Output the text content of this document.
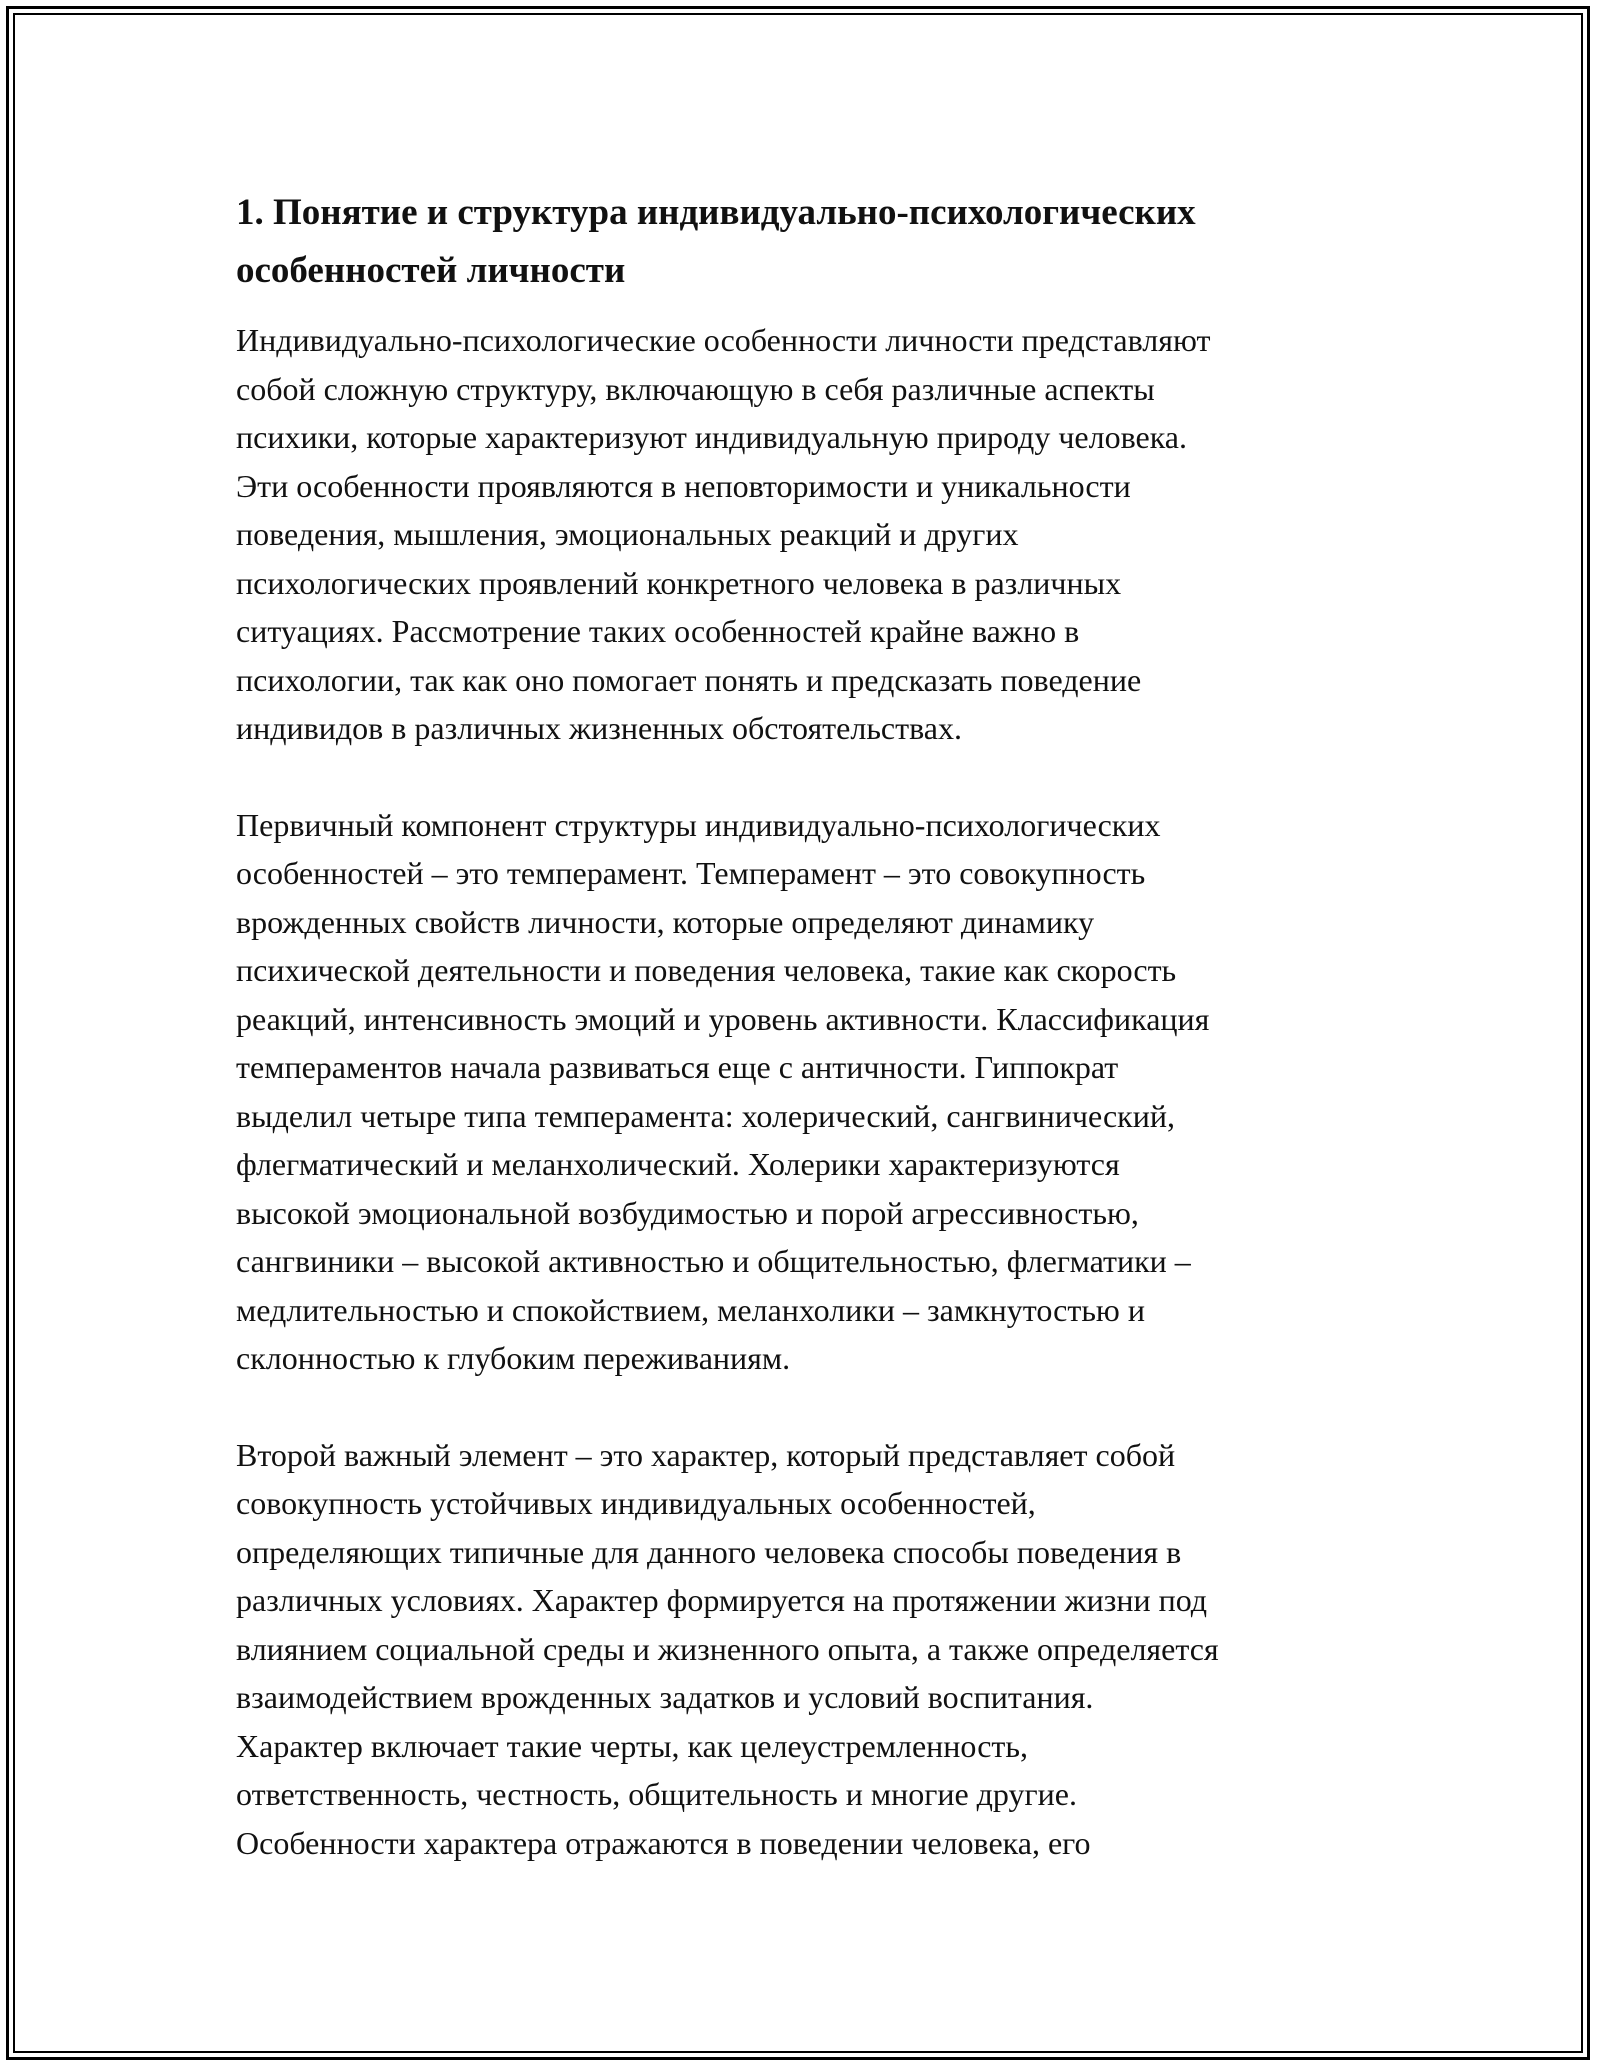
1. Понятие и структура индивидуально-психологических
особенностей личности
Индивидуально-психологические особенности личности представляют
собой сложную структуру, включающую в себя различные аспекты
психики, которые характеризуют индивидуальную природу человека.
Эти особенности проявляются в неповторимости и уникальности
поведения, мышления, эмоциональных реакций и других
психологических проявлений конкретного человека в различных
ситуациях. Рассмотрение таких особенностей крайне важно в
психологии, так как оно помогает понять и предсказать поведение
индивидов в различных жизненных обстоятельствах.
Первичный компонент структуры индивидуально-психологических
особенностей – это темперамент. Темперамент – это совокупность
врожденных свойств личности, которые определяют динамику
психической деятельности и поведения человека, такие как скорость
реакций, интенсивность эмоций и уровень активности. Классификация
темпераментов начала развиваться еще с античности. Гиппократ
выделил четыре типа темперамента: холерический, сангвинический,
флегматический и меланхолический. Холерики характеризуются
высокой эмоциональной возбудимостью и порой агрессивностью,
сангвиники – высокой активностью и общительностью, флегматики –
медлительностью и спокойствием, меланхолики – замкнутостью и
склонностью к глубоким переживаниям.
Второй важный элемент – это характер, который представляет собой
совокупность устойчивых индивидуальных особенностей,
определяющих типичные для данного человека способы поведения в
различных условиях. Характер формируется на протяжении жизни под
влиянием социальной среды и жизненного опыта, а также определяется
взаимодействием врожденных задатков и условий воспитания.
Характер включает такие черты, как целеустремленность,
ответственность, честность, общительность и многие другие.
Особенности характера отражаются в поведении человека, его
